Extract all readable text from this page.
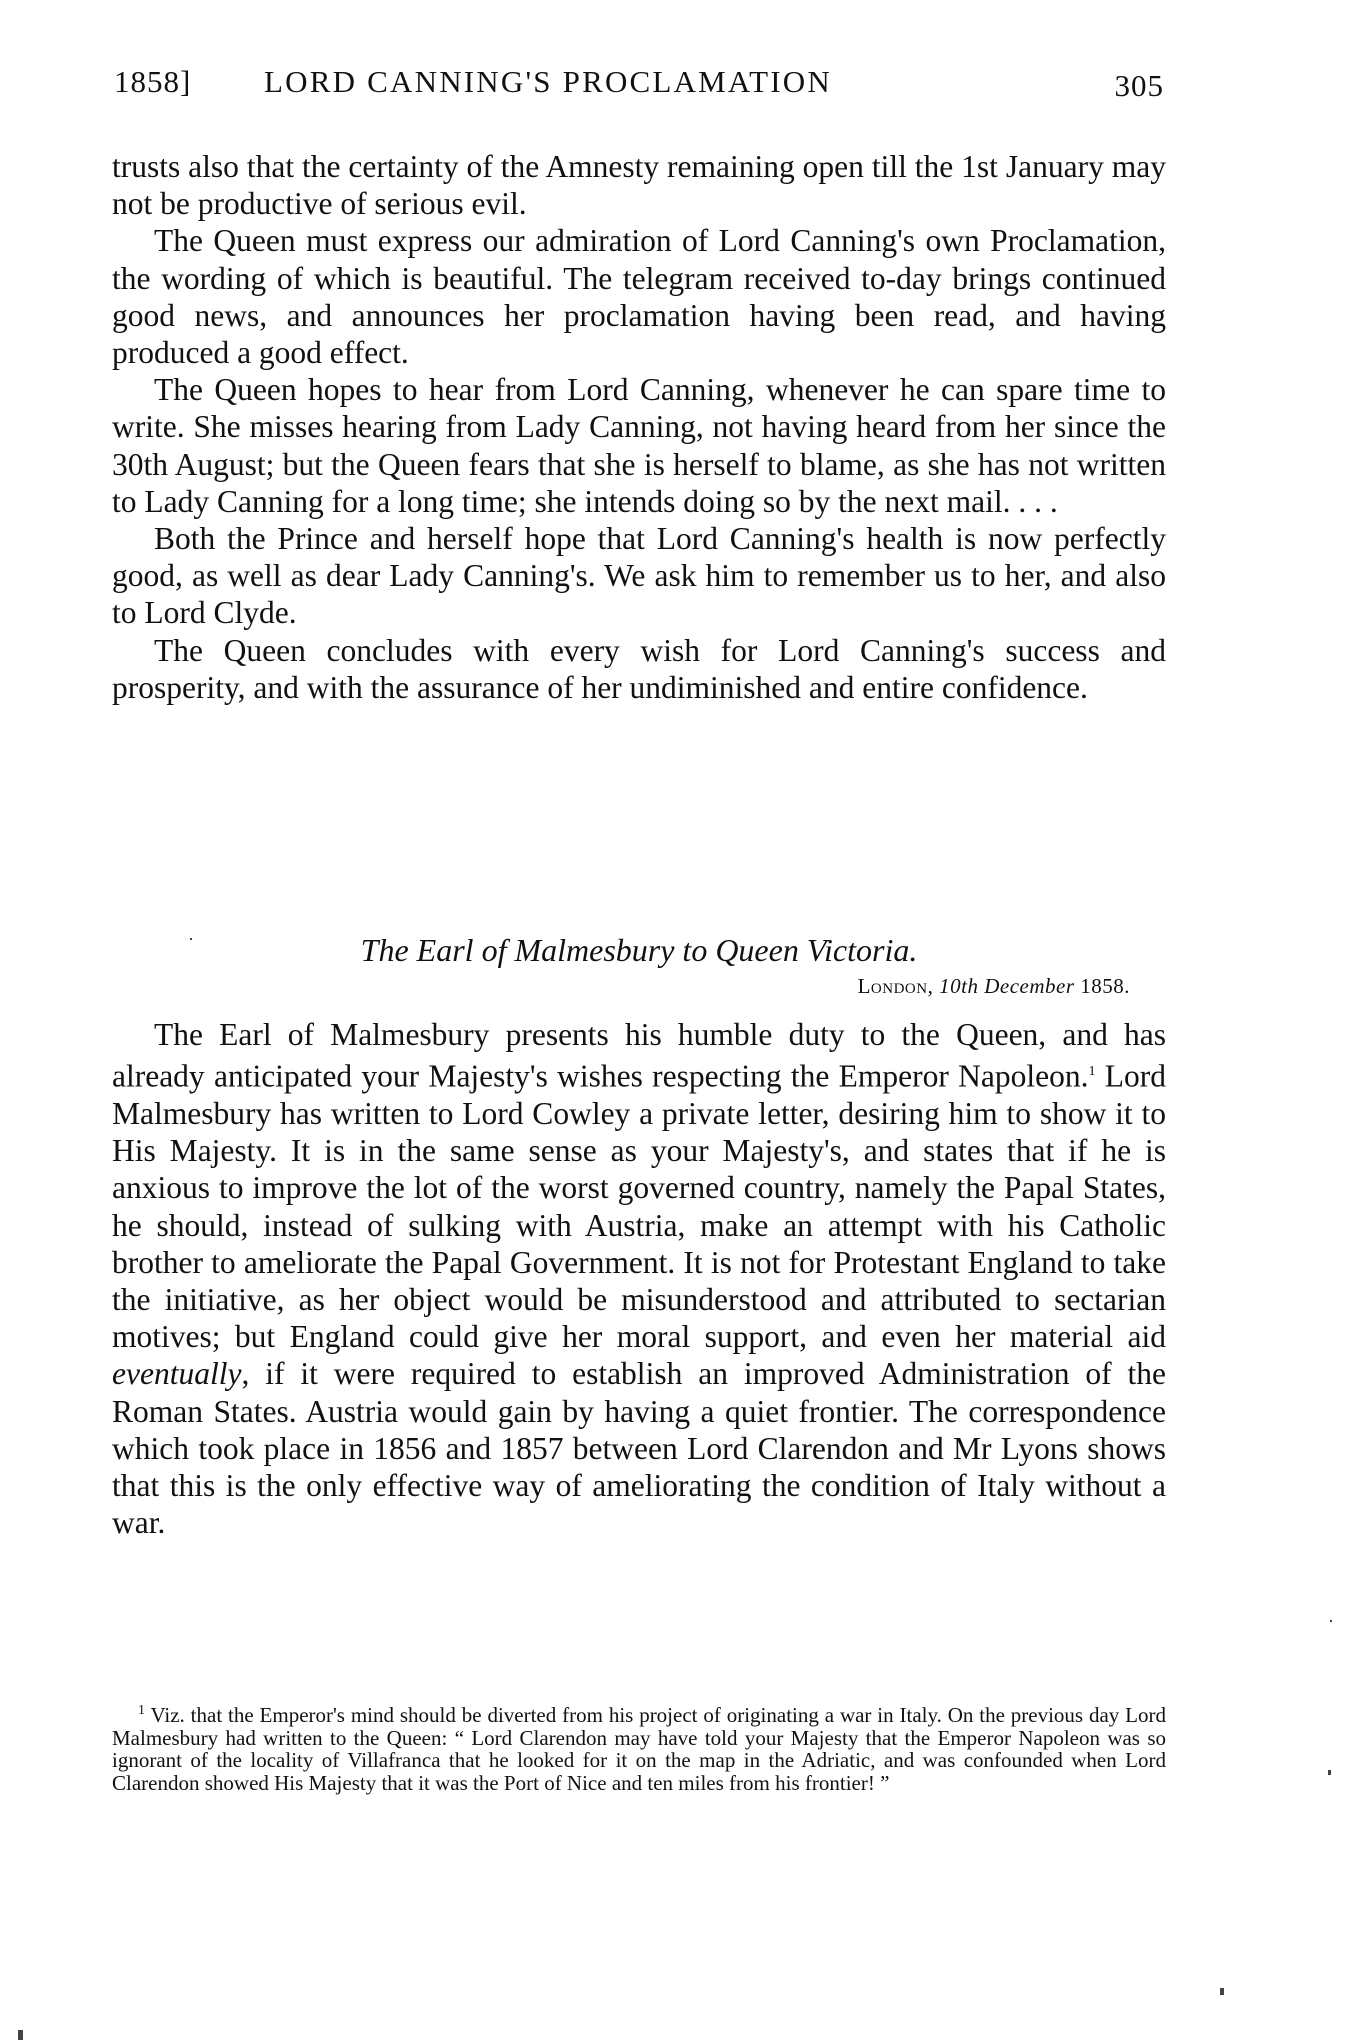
1858] LORD CANNING'S PROCLAMATION	305

trusts also that the certainty of the Amnesty remaining open till the 1st January may not be productive of serious evil.

The Queen must express our admiration of Lord Canning's own Proclamation, the wording of which is beautiful. The telegram received to-day brings continued good news, and announces her proclamation having been read, and having produced a good effect.

The Queen hopes to hear from Lord Canning, whenever he can spare time to write. She misses hearing from Lady Canning, not having heard from her since the 30th August; but the Queen fears that she is herself to blame, as she has not written to Lady Canning for a long time; she intends doing so by the next mail. . . .

Both the Prince and herself hope that Lord Canning's health is now perfectly good, as well as dear Lady Canning's. We ask him to remember us to her, and also to Lord Clyde.

The Queen concludes with every wish for Lord Canning's success and prosperity, and with the assurance of her undiminished and entire confidence.

The Earl of Malmesbury to Queen Victoria.
London, 10th December 1858.

The Earl of Malmesbury presents his humble duty to the Queen, and has already anticipated your Majesty's wishes respecting the Emperor Napoleon.$^1$ Lord Malmesbury has written to Lord Cowley a private letter, desiring him to show it to His Majesty. It is in the same sense as your Majesty's, and states that if he is anxious to improve the lot of the worst governed country, namely the Papal States, he should, instead of sulking with Austria, make an attempt with his Catholic brother to ameliorate the Papal Government. It is not for Protestant England to take the initiative, as her object would be misunderstood and attributed to sectarian motives; but England could give her moral support, and even her material aid eventually, if it were required to establish an improved Administration of the Roman States. Austria would gain by having a quiet frontier. The correspondence which took place in 1856 and 1857 between Lord Clarendon and Mr Lyons shows that this is the only effective way of ameliorating the condition of Italy without a war.

$^1$ Viz. that the Emperor's mind should be diverted from his project of originating a war in Italy. On the previous day Lord Malmesbury had written to the Queen: “ Lord Clarendon may have told your Majesty that the Emperor Napoleon was so ignorant of the locality of Villafranca that he looked for it on the map in the Adriatic, and was confounded when Lord Clarendon showed His Majesty that it was the Port of Nice and ten miles from his frontier! ”
